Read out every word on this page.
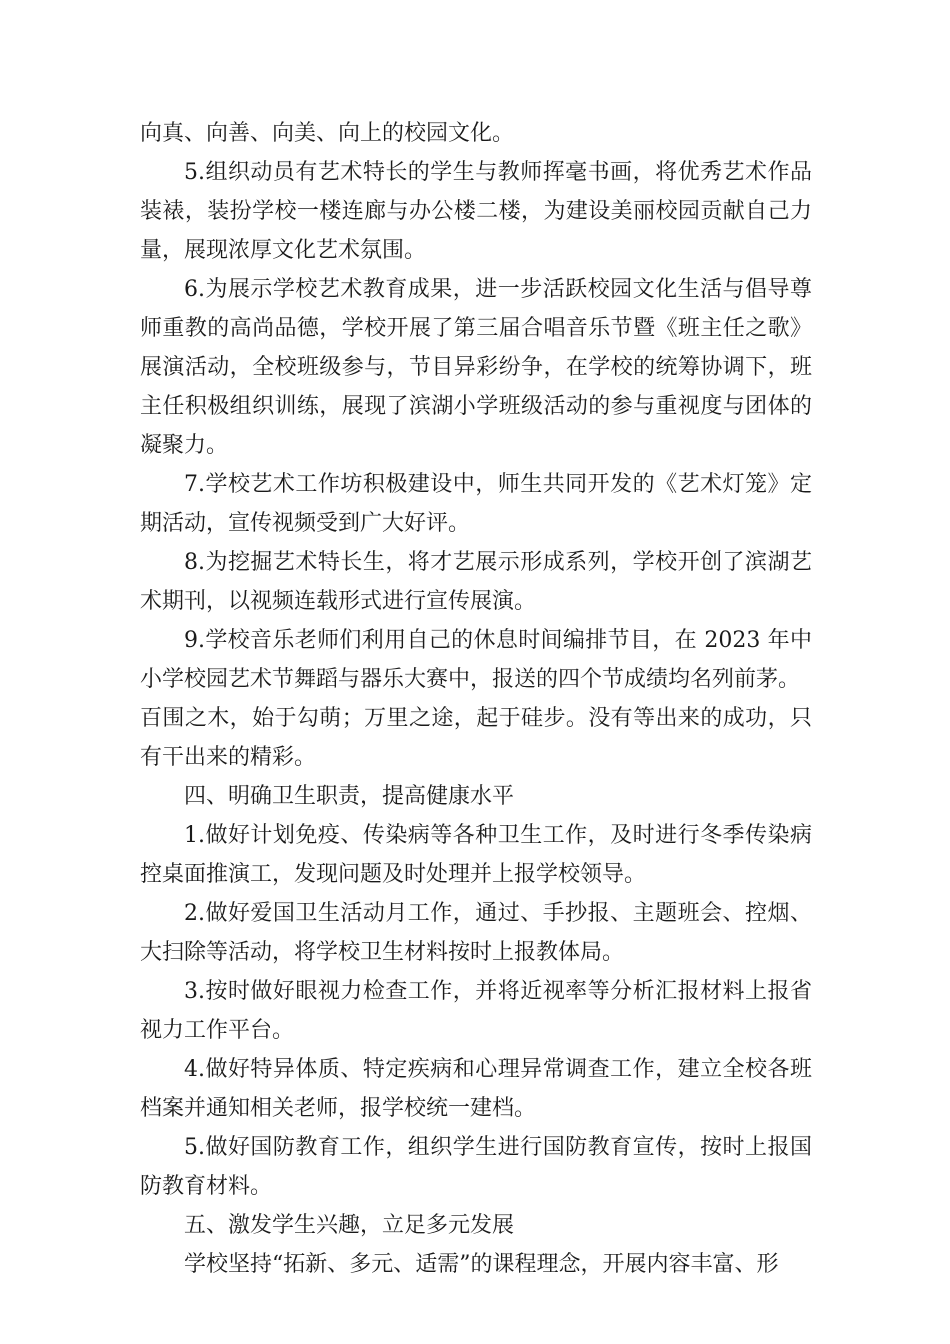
向真、向善、向美、向上的校园文化。

5.组织动员有艺术特长的学生与教师挥毫书画，将优秀艺术作品装裱，装扮学校一楼连廊与办公楼二楼，为建设美丽校园贡献自己力量，展现浓厚文化艺术氛围。

6.为展示学校艺术教育成果，进一步活跃校园文化生活与倡导尊师重教的高尚品德，学校开展了第三届合唱音乐节暨《班主任之歌》展演活动，全校班级参与，节目异彩纷争，在学校的统筹协调下，班主任积极组织训练，展现了滨湖小学班级活动的参与重视度与团体的凝聚力。

7.学校艺术工作坊积极建设中，师生共同开发的《艺术灯笼》定期活动，宣传视频受到广大好评。

8.为挖掘艺术特长生，将才艺展示形成系列，学校开创了滨湖艺术期刊，以视频连载形式进行宣传展演。

9.学校音乐老师们利用自己的休息时间编排节目，在 2023 年中小学校园艺术节舞蹈与器乐大赛中，报送的四个节成绩均名列前茅。

百围之木，始于勾萌；万里之途，起于硅步。没有等出来的成功，只有干出来的精彩。

四、明确卫生职责，提高健康水平

1.做好计划免疫、传染病等各种卫生工作，及时进行冬季传染病控桌面推演工，发现问题及时处理并上报学校领导。

2.做好爱国卫生活动月工作，通过、手抄报、主题班会、控烟、大扫除等活动，将学校卫生材料按时上报教体局。

3.按时做好眼视力检查工作，并将近视率等分析汇报材料上报省视力工作平台。

4.做好特异体质、特定疾病和心理异常调查工作，建立全校各班档案并通知相关老师，报学校统一建档。

5.做好国防教育工作，组织学生进行国防教育宣传，按时上报国防教育材料。

五、激发学生兴趣，立足多元发展

学校坚持“拓新、多元、适需”的课程理念，开展内容丰富、形
